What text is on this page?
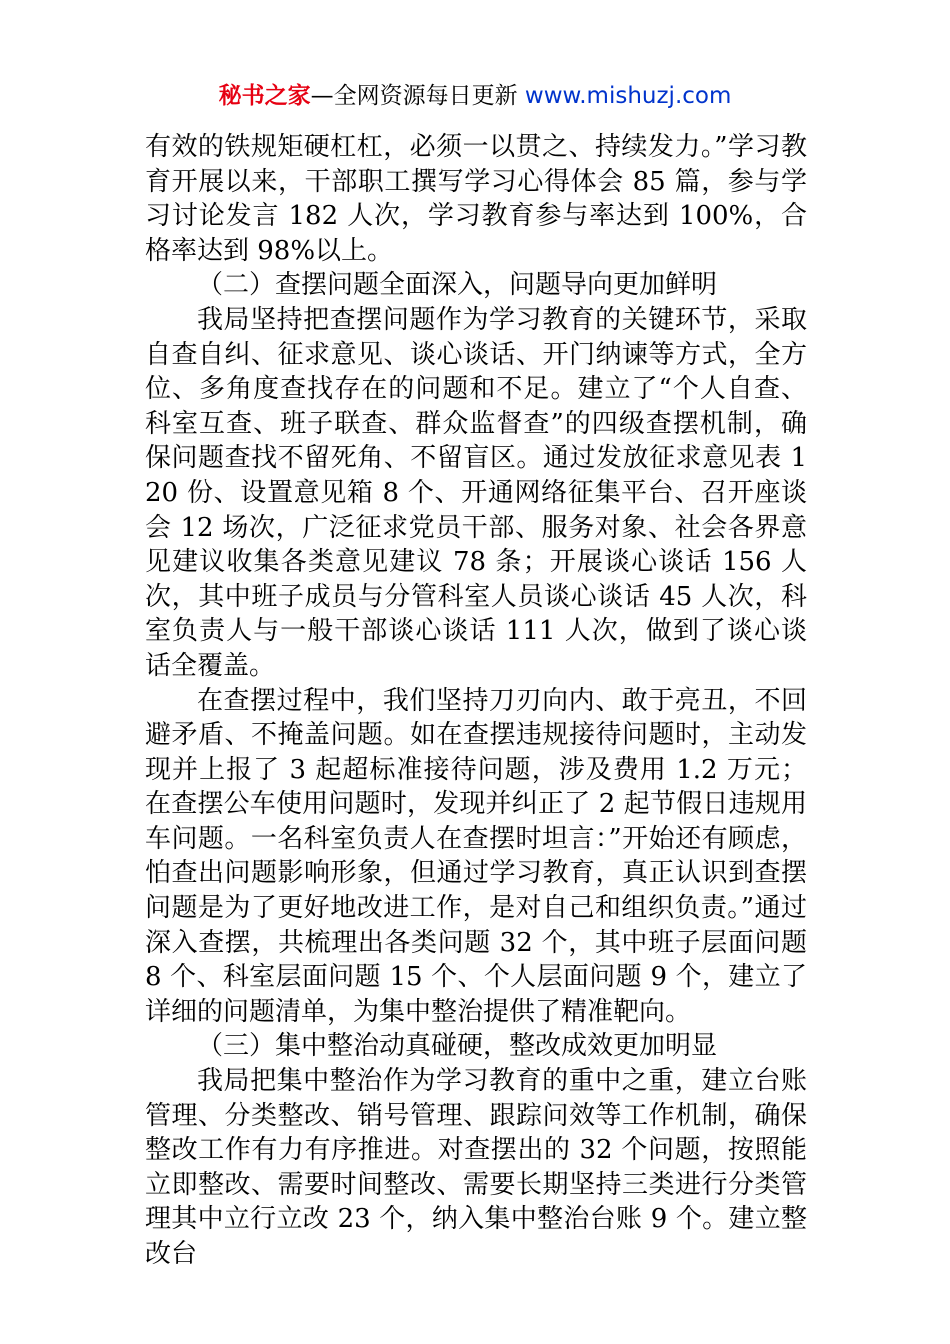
秘书之家—全网资源每日更新 www.mishuzj.com

有效的铁规矩硬杠杠，必须一以贯之、持续发力。”学习教育开展以来，干部职工撰写学习心得体会 85 篇，参与学习讨论发言 182 人次，学习教育参与率达到 100%，合格率达到 98%以上。

（二）查摆问题全面深入，问题导向更加鲜明

我局坚持把查摆问题作为学习教育的关键环节，采取自查自纠、征求意见、谈心谈话、开门纳谏等方式，全方位、多角度查找存在的问题和不足。建立了“个人自查、科室互查、班子联查、群众监督查”的四级查摆机制，确保问题查找不留死角、不留盲区。通过发放征求意见表 120 份、设置意见箱 8 个、开通网络征集平台、召开座谈会 12 场次，广泛征求党员干部、服务对象、社会各界意见建议收集各类意见建议 78 条；开展谈心谈话 156 人次，其中班子成员与分管科室人员谈心谈话 45 人次，科室负责人与一般干部谈心谈话 111 人次，做到了谈心谈话全覆盖。

在查摆过程中，我们坚持刀刃向内、敢于亮丑，不回避矛盾、不掩盖问题。如在查摆违规接待问题时，主动发现并上报了 3 起超标准接待问题，涉及费用 1.2 万元；在查摆公车使用问题时，发现并纠正了 2 起节假日违规用车问题。一名科室负责人在查摆时坦言：”开始还有顾虑，怕查出问题影响形象，但通过学习教育，真正认识到查摆问题是为了更好地改进工作，是对自己和组织负责。”通过深入查摆，共梳理出各类问题 32 个，其中班子层面问题 8 个、科室层面问题 15 个、个人层面问题 9 个，建立了详细的问题清单，为集中整治提供了精准靶向。

（三）集中整治动真碰硬，整改成效更加明显

我局把集中整治作为学习教育的重中之重，建立台账管理、分类整改、销号管理、跟踪问效等工作机制，确保整改工作有力有序推进。对查摆出的 32 个问题，按照能立即整改、需要时间整改、需要长期坚持三类进行分类管理其中立行立改 23 个，纳入集中整治台账 9 个。建立整改台
